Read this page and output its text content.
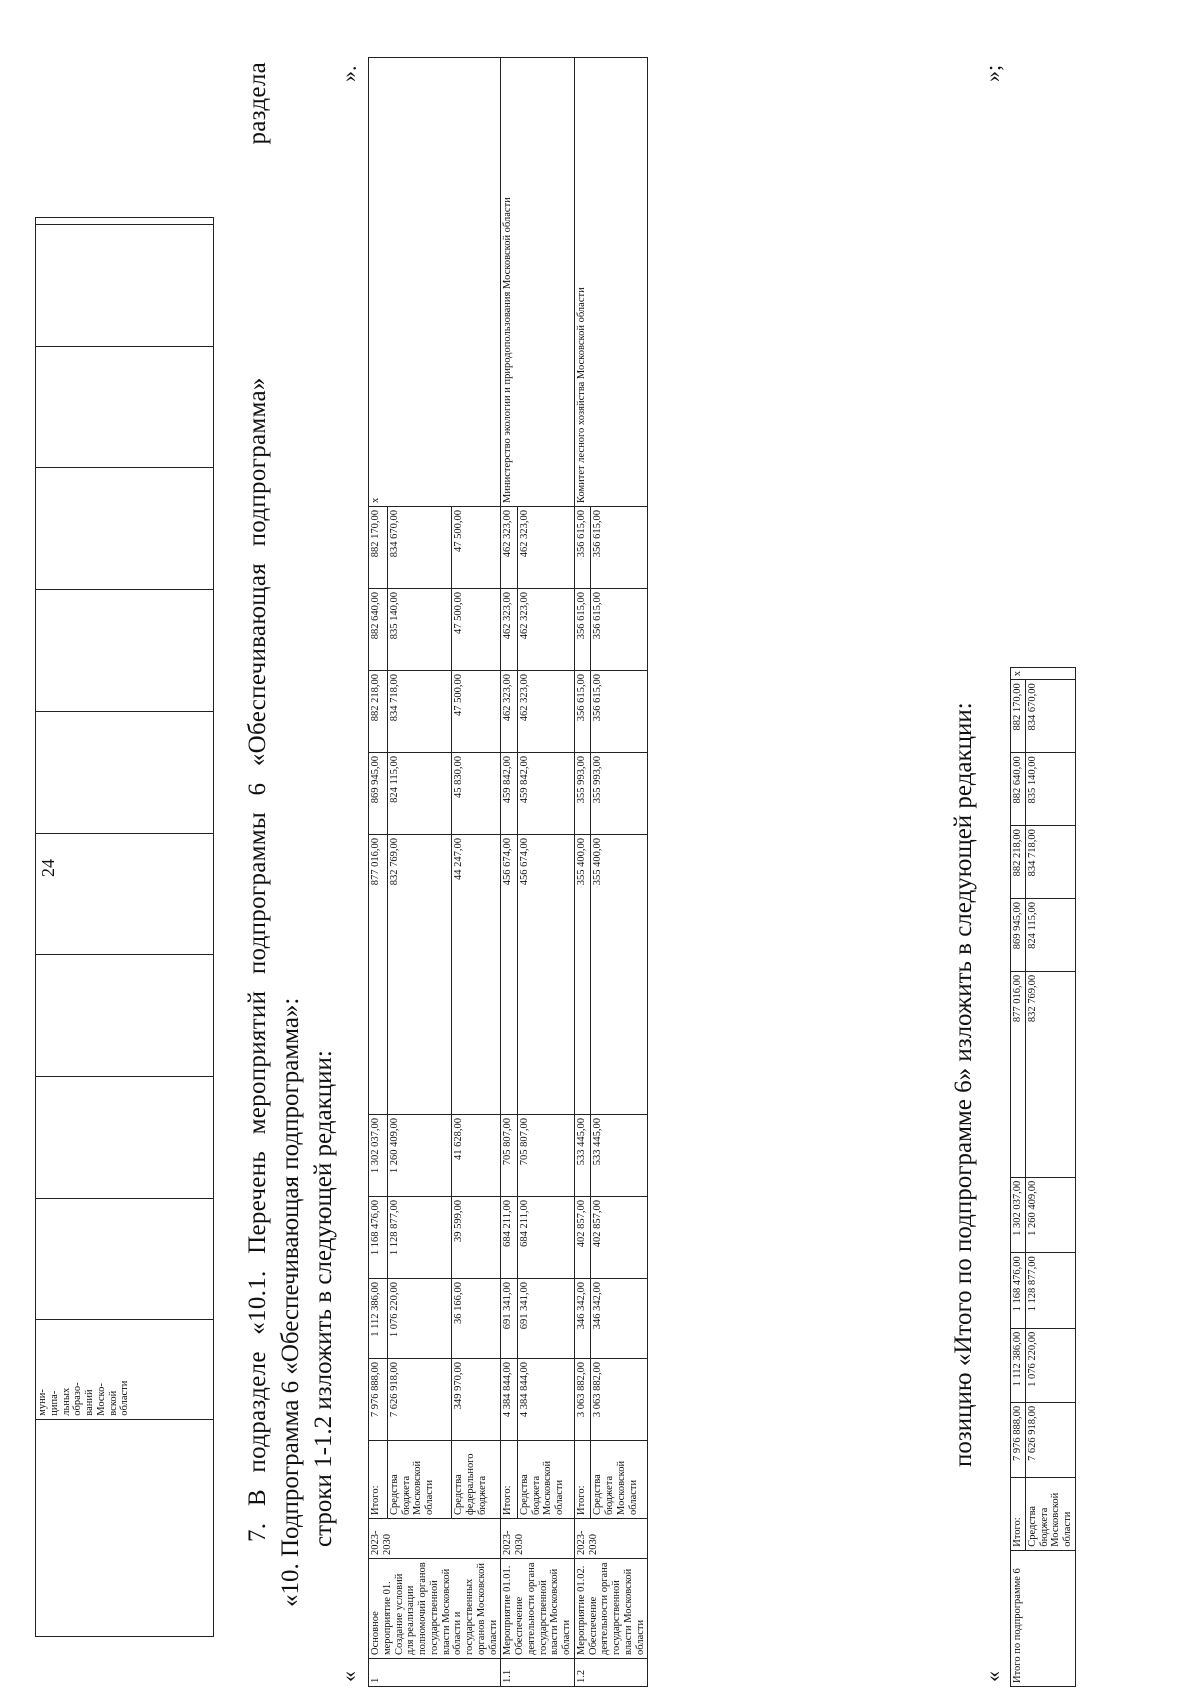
	муни-
ципа-
льных
образо-
ваний
Моско-
вской
области										
24	7. В подразделе «10.1. Перечень мероприятий подпрограммы 6 «Обеспечивающая подпрограмма»
раздела
«10. Подпрограмма 6 «Обеспечивающая подпрограмма»: строки 1-1.2 изложить в следующей редакции:
«
».
1	Основное мероприятие 01. Создание условий для реализации полномочий органов государственной власти Московской области и государственных органов Московской области	2023-2030	Итого:	7 976 888,00	1 112 386,00	1 168 476,00	1 302 037,00	877 016,00	869 945,00	882 218,00	882 640,00	882 170,00	х
			Средства бюджета Московской области	7 626 918,00	1 076 220,00	1 128 877,00	1 260 409,00	832 769,00	824 115,00	834 718,00	835 140,00	834 670,00	
			Средства федерального бюджета	349 970,00	36 166,00	39 599,00	41 628,00	44 247,00	45 830,00	47 500,00	47 500,00	47 500,00	
1.1	Мероприятие 01.01. Обеспечение деятельности органа государственной власти Московской области	2023-2030	Итого:	4 384 844,00	691 341,00	684 211,00	705 807,00	456 674,00	459 842,00	462 323,00	462 323,00	462 323,00	Министерство экологии и природопользования Московской области
			Средства бюджета Московской области	4 384 844,00	691 341,00	684 211,00	705 807,00	456 674,00	459 842,00	462 323,00	462 323,00	462 323,00	
1.2	Мероприятие 01.02. Обеспечение деятельности органа государственной власти Московской области	2023-2030	Итого:	3 063 882,00	346 342,00	402 857,00	533 445,00	355 400,00	355 993,00	356 615,00	356 615,00	356 615,00	Комитет лесного хозяйства Московской области
			Средства бюджета Московской области	3 063 882,00	346 342,00	402 857,00	533 445,00	355 400,00	355 993,00	356 615,00	356 615,00	356 615,00	
позицию «Итого по подпрограмме 6» изложить в следующей редакции:
«
»;
Итого по подпрограмме 6	Итого:	7 976 888,00	1 112 386,00	1 168 476,00	1 302 037,00	877 016,00	869 945,00	882 218,00	882 640,00	882 170,00	х
	Средства бюджета Московской области	7 626 918,00	1 076 220,00	1 128 877,00	1 260 409,00	832 769,00	824 115,00	834 718,00	835 140,00	834 670,00	
